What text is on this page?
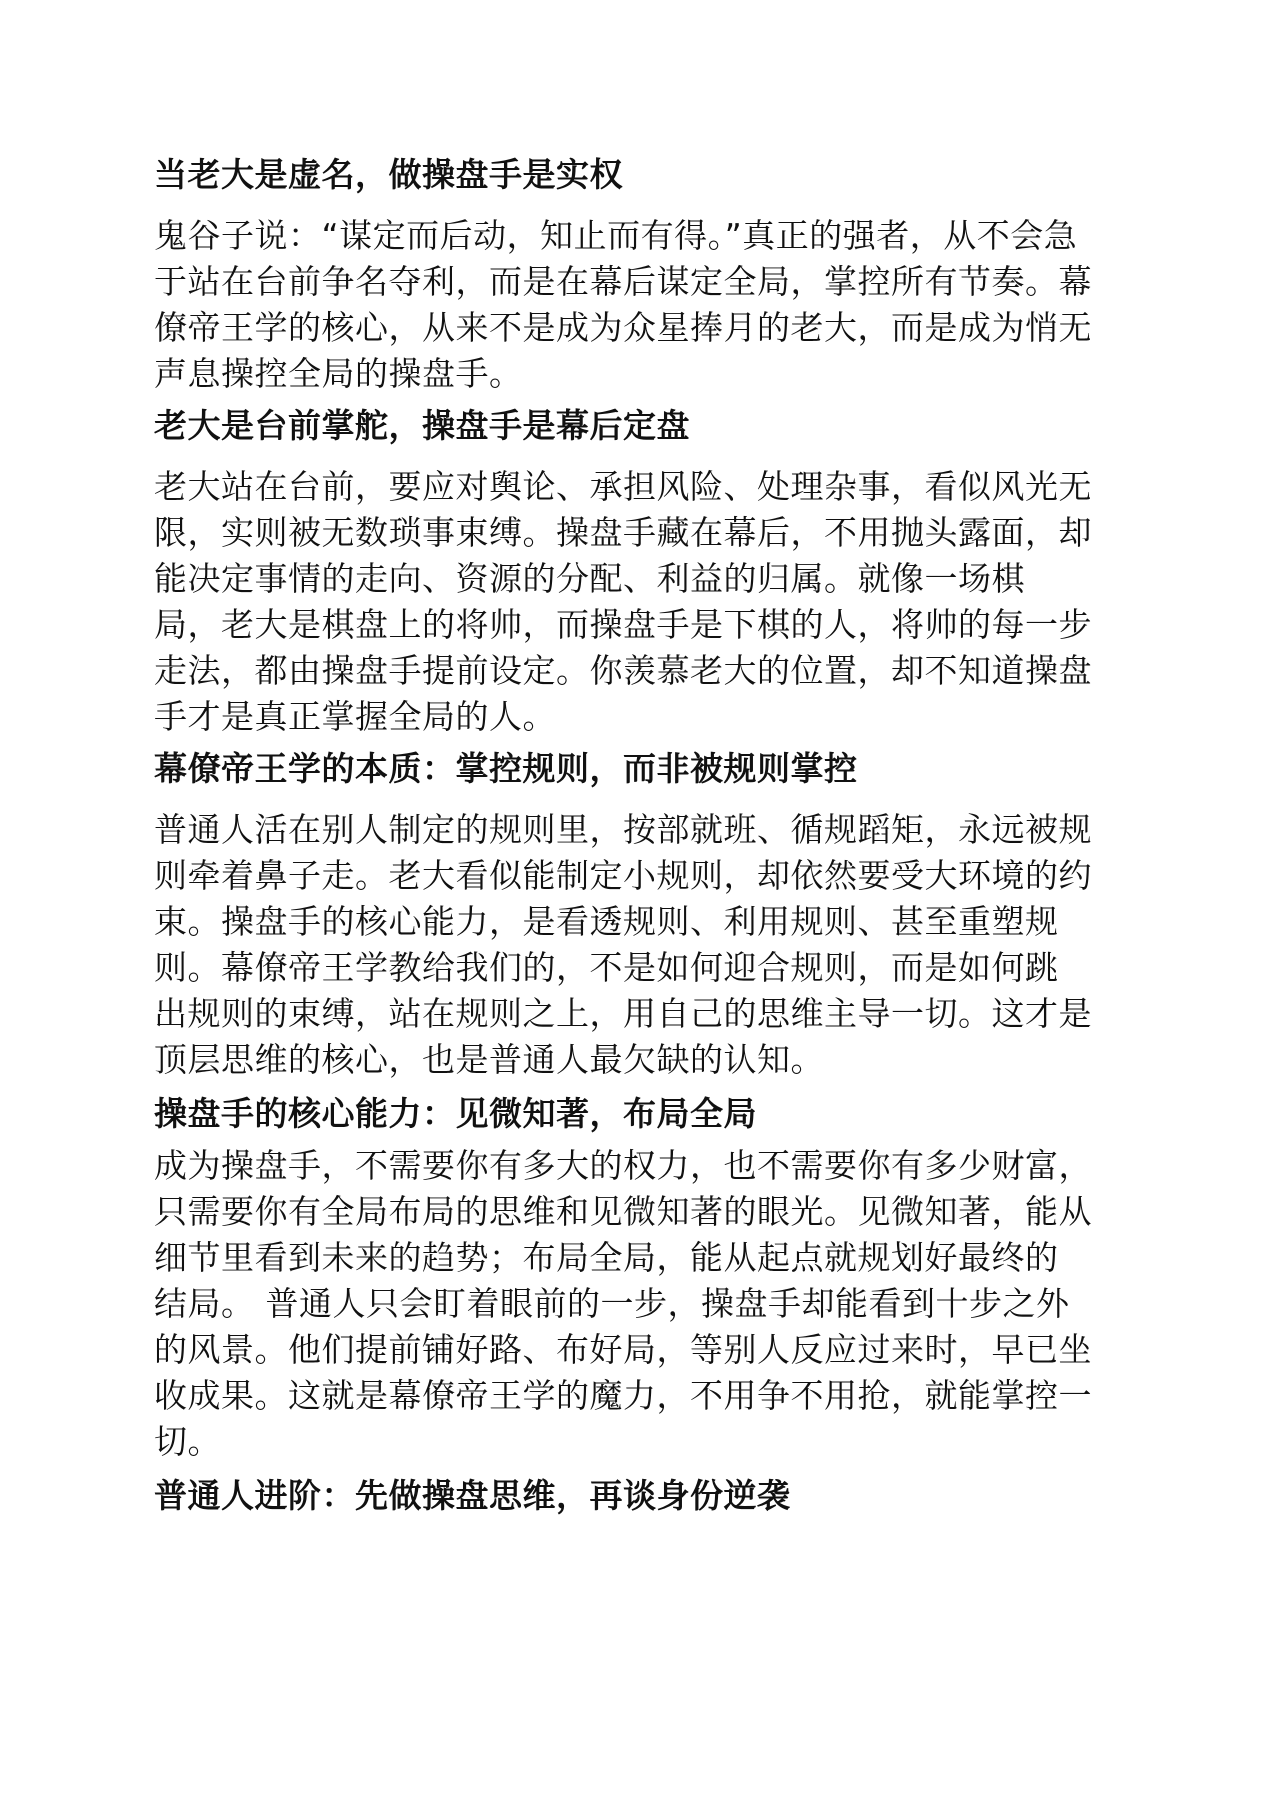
当老大是虚名，做操盘手是实权
鬼谷子说：“谋定而后动，知止而有得。”真正的强者，从不会急
于站在台前争名夺利，而是在幕后谋定全局，掌控所有节奏。幕
僚帝王学的核心，从来不是成为众星捧月的老大，而是成为悄无
声息操控全局的操盘手。
老大是台前掌舵，操盘手是幕后定盘
老大站在台前，要应对舆论、承担风险、处理杂事，看似风光无
限，实则被无数琐事束缚。操盘手藏在幕后，不用抛头露面，却
能决定事情的走向、资源的分配、利益的归属。就像一场棋
局，老大是棋盘上的将帅，而操盘手是下棋的人，将帅的每一步
走法，都由操盘手提前设定。你羡慕老大的位置，却不知道操盘
手才是真正掌握全局的人。
幕僚帝王学的本质：掌控规则，而非被规则掌控
普通人活在别人制定的规则里，按部就班、循规蹈矩，永远被规
则牵着鼻子走。老大看似能制定小规则，却依然要受大环境的约
束。操盘手的核心能力，是看透规则、利用规则、甚至重塑规
则。幕僚帝王学教给我们的，不是如何迎合规则，而是如何跳
出规则的束缚，站在规则之上，用自己的思维主导一切。这才是
顶层思维的核心，也是普通人最欠缺的认知。
操盘手的核心能力：见微知著，布局全局
成为操盘手，不需要你有多大的权力，也不需要你有多少财富，
只需要你有全局布局的思维和见微知著的眼光。见微知著，能从
细节里看到未来的趋势；布局全局，能从起点就规划好最终的
结局。 普通人只会盯着眼前的一步，操盘手却能看到十步之外
的风景。他们提前铺好路、布好局，等别人反应过来时，早已坐
收成果。这就是幕僚帝王学的魔力，不用争不用抢，就能掌控一
切。
普通人进阶：先做操盘思维，再谈身份逆袭
